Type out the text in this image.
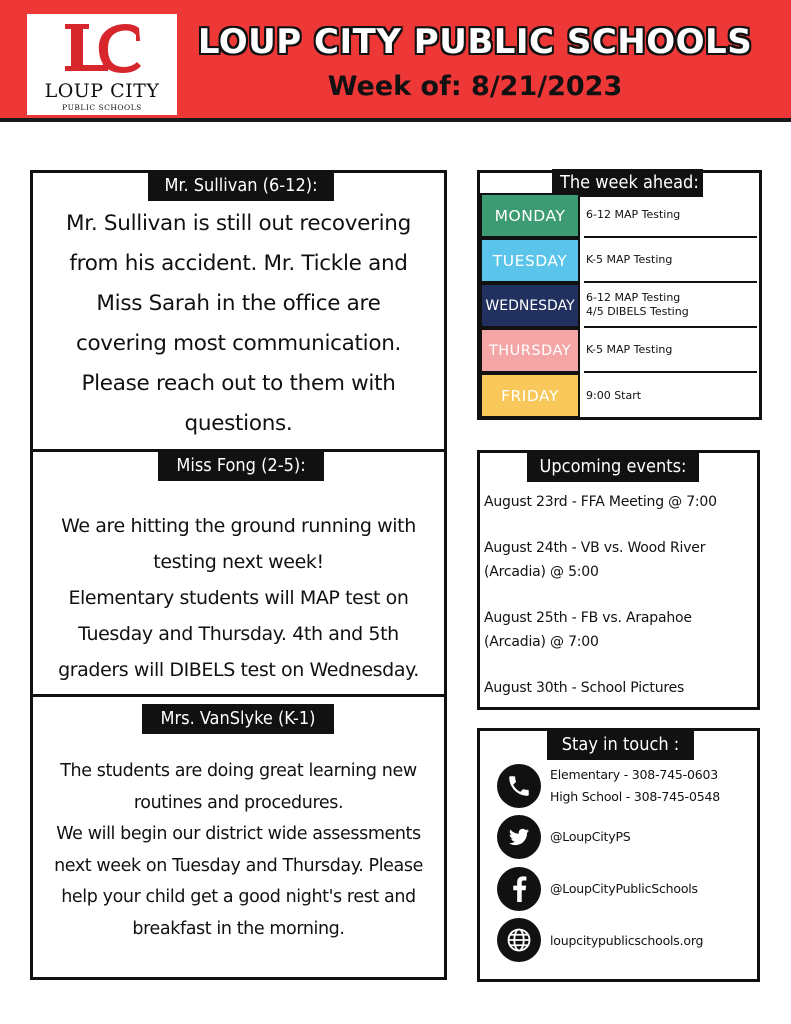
LOUP CITY
PUBLIC SCHOOLS
LOUP CITY PUBLIC SCHOOLS
Week of: 8/21/2023
Mr. Sullivan (6-12):
Mr. Sullivan is still out recovering
from his accident. Mr. Tickle and
Miss Sarah in the office are
covering most communication.
Please reach out to them with
questions.
Miss Fong (2-5):
We are hitting the ground running with
testing next week!
Elementary students will MAP test on
Tuesday and Thursday. 4th and 5th
graders will DIBELS test on Wednesday.
Mrs. VanSlyke (K-1)
The students are doing great learning new
routines and procedures.
We will begin our district wide assessments
next week on Tuesday and Thursday. Please
help your child get a good night's rest and
breakfast in the morning.
The week ahead:
MONDAY	6-12 MAP Testing
TUESDAY	K-5 MAP Testing
WEDNESDAY
6-12 MAP Testing
4/5 DIBELS Testing
THURSDAY	K-5 MAP Testing
FRIDAY	9:00 Start
Upcoming events:
August 23rd - FFA Meeting @ 7:00
August 24th - VB vs. Wood River
(Arcadia) @ 5:00
August 25th - FB vs. Arapahoe
(Arcadia) @ 7:00
August 30th - School Pictures
Stay in touch :
Elementary - 308-745-0603
High School - 308-745-0548
@LoupCityPS
@LoupCityPublicSchools
loupcitypublicschools.org
